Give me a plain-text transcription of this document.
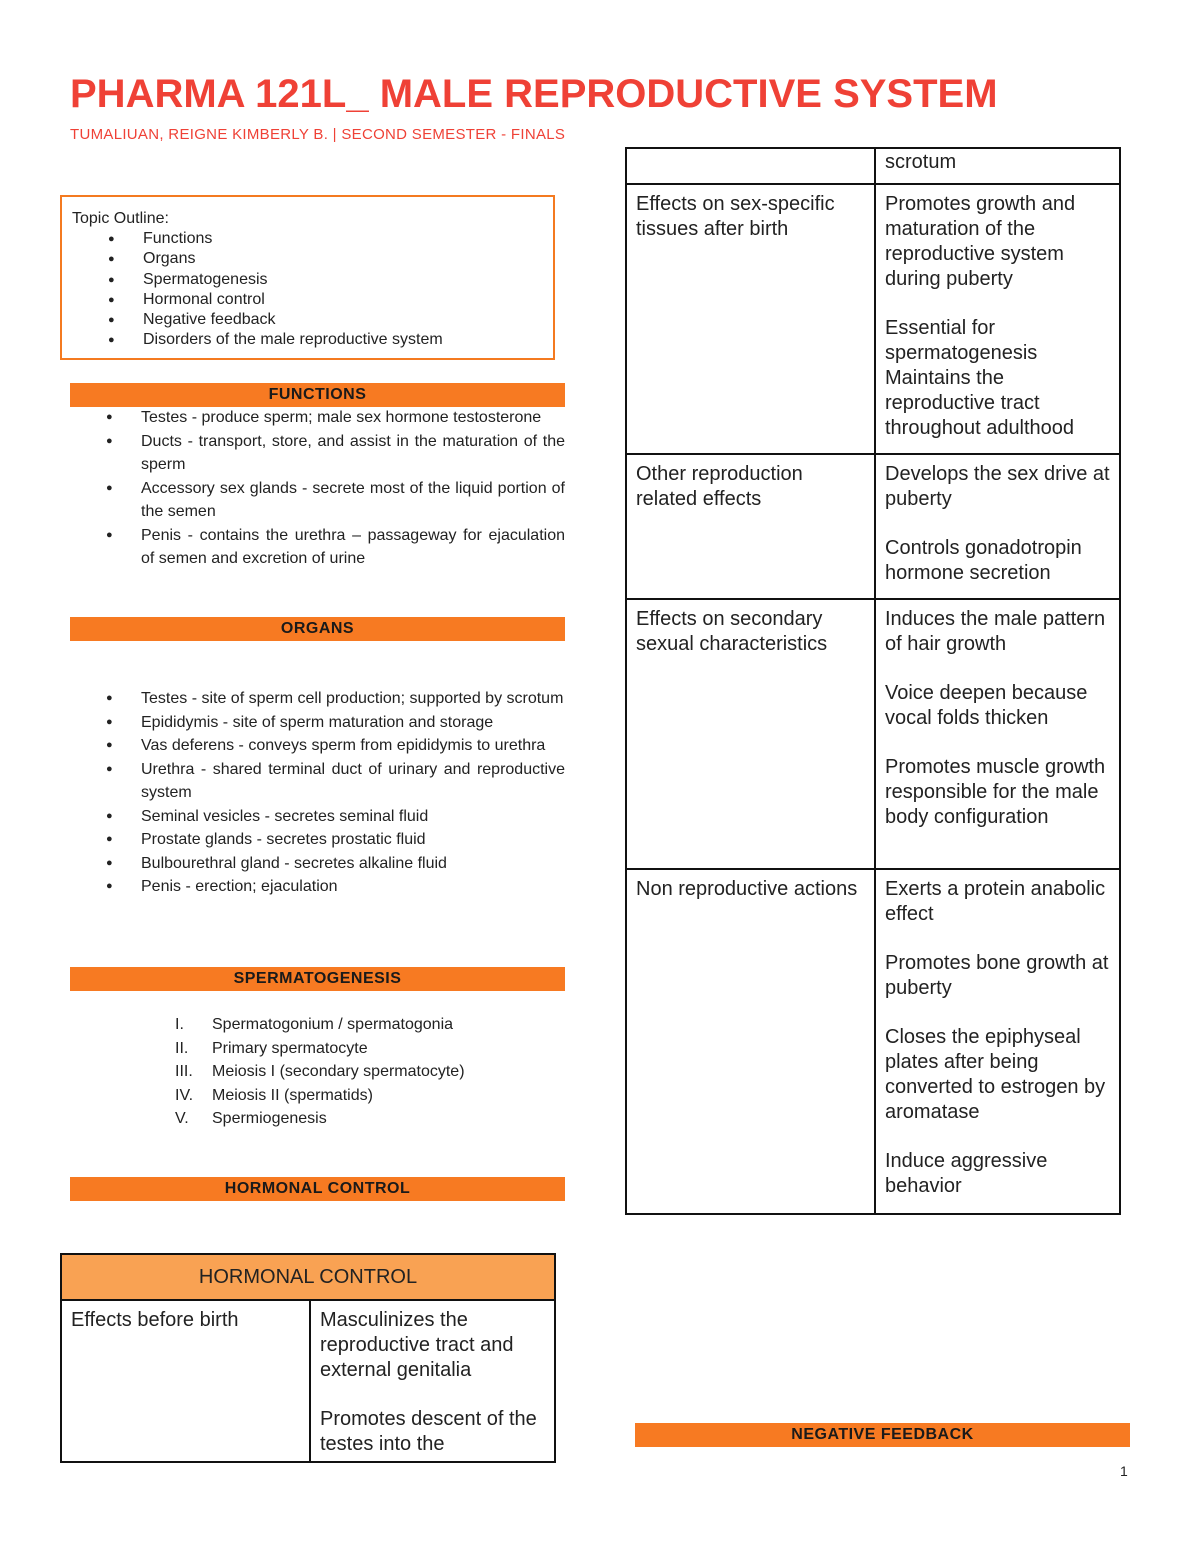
PHARMA 121L_ MALE REPRODUCTIVE SYSTEM
TUMALIUAN, REIGNE KIMBERLY B. | SECOND SEMESTER - FINALS
Topic Outline:
● Functions
● Organs
● Spermatogenesis
● Hormonal control
● Negative feedback
● Disorders of the male reproductive system
FUNCTIONS
● Testes - produce sperm; male sex hormone testosterone
● Ducts - transport, store, and assist in the maturation of the sperm
● Accessory sex glands - secrete most of the liquid portion of the semen
● Penis - contains the urethra – passageway for ejaculation of semen and excretion of urine
ORGANS
● Testes - site of sperm cell production; supported by scrotum
● Epididymis - site of sperm maturation and storage
● Vas deferens - conveys sperm from epididymis to urethra
● Urethra - shared terminal duct of urinary and reproductive system
● Seminal vesicles - secretes seminal fluid
● Prostate glands - secretes prostatic fluid
● Bulbourethral gland - secretes alkaline fluid
● Penis - erection; ejaculation
SPERMATOGENESIS
I. Spermatogonium / spermatogonia
II. Primary spermatocyte
III. Meiosis I (secondary spermatocyte)
IV. Meiosis II (spermatids)
V. Spermiogenesis
HORMONAL CONTROL
HORMONAL CONTROL
Effects before birth	Masculinizes the reproductive tract and external genitalia

Promotes descent of the testes into the

	scrotum

Effects on sex-specific tissues after birth	Promotes growth and maturation of the reproductive system during puberty

Essential for spermatogenesis Maintains the reproductive tract throughout adulthood

Other reproduction related effects	Develops the sex drive at puberty

Controls gonadotropin hormone secretion

Effects on secondary sexual characteristics	Induces the male pattern of hair growth

Voice deepen because vocal folds thicken

Promotes muscle growth responsible for the male body configuration

Non reproductive actions	Exerts a protein anabolic effect

Promotes bone growth at puberty

Closes the epiphyseal plates after being converted to estrogen by aromatase

Induce aggressive behavior

NEGATIVE FEEDBACK
1
